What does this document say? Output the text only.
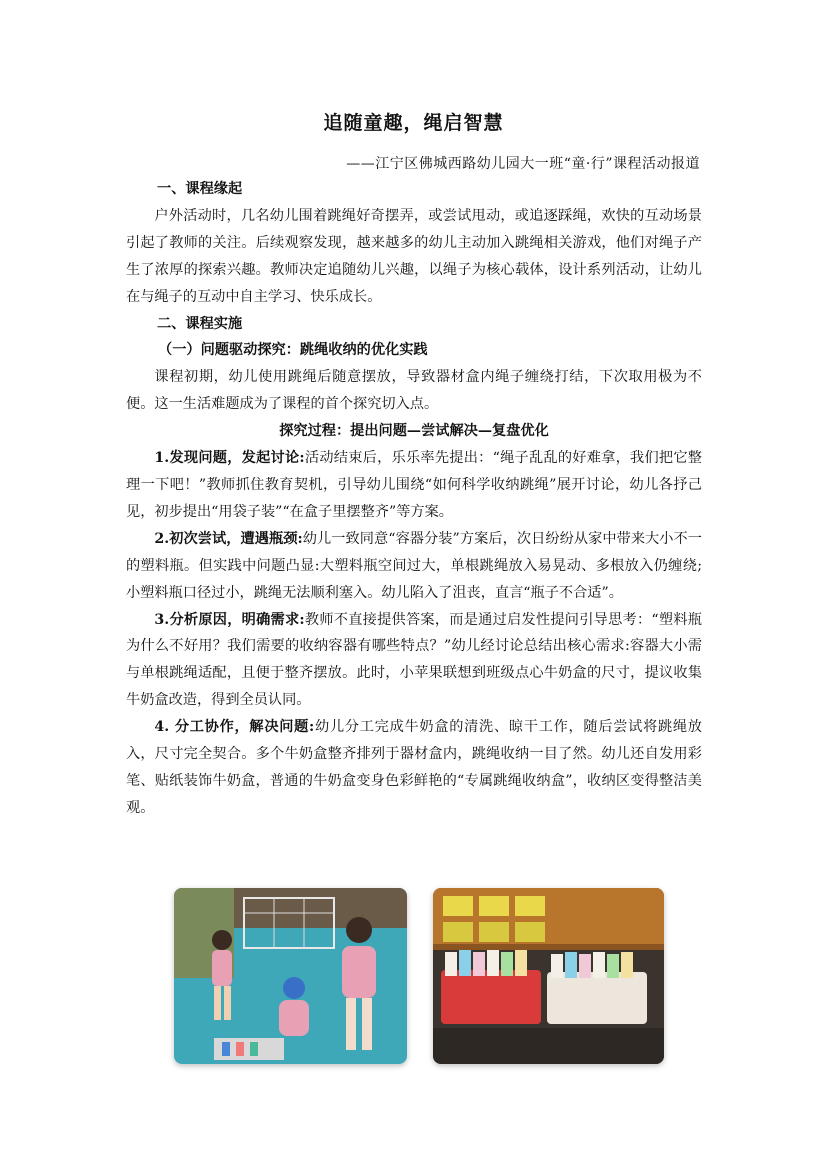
追随童趣，绳启智慧
——江宁区佛城西路幼儿园大一班“童·行”课程活动报道

一、课程缘起

户外活动时，几名幼儿围着跳绳好奇摆弄，或尝试甩动，或追逐踩绳，欢快的互动场景引起了教师的关注。后续观察发现，越来越多的幼儿主动加入跳绳相关游戏，他们对绳子产生了浓厚的探索兴趣。教师决定追随幼儿兴趣，以绳子为核心载体，设计系列活动，让幼儿在与绳子的互动中自主学习、快乐成长。

二、课程实施

（一）问题驱动探究：跳绳收纳的优化实践

课程初期，幼儿使用跳绳后随意摆放，导致器材盒内绳子缠绕打结，下次取用极为不便。这一生活难题成为了课程的首个探究切入点。

探究过程：提出问题—尝试解决—复盘优化

1.发现问题，发起讨论:活动结束后，乐乐率先提出：“绳子乱乱的好难拿，我们把它整理一下吧！”教师抓住教育契机，引导幼儿围绕“如何科学收纳跳绳”展开讨论，幼儿各抒己见，初步提出“用袋子装”“在盒子里摆整齐”等方案。

2.初次尝试，遭遇瓶颈:幼儿一致同意“容器分装”方案后，次日纷纷从家中带来大小不一的塑料瓶。但实践中问题凸显:大塑料瓶空间过大，单根跳绳放入易晃动、多根放入仍缠绕;小塑料瓶口径过小，跳绳无法顺利塞入。幼儿陷入了沮丧，直言“瓶子不合适”。

3.分析原因，明确需求:教师不直接提供答案，而是通过启发性提问引导思考：“塑料瓶为什么不好用？我们需要的收纳容器有哪些特点？”幼儿经讨论总结出核心需求:容器大小需与单根跳绳适配，且便于整齐摆放。此时，小苹果联想到班级点心牛奶盒的尺寸，提议收集牛奶盒改造，得到全员认同。

4. 分工协作，解决问题:幼儿分工完成牛奶盒的清洗、晾干工作，随后尝试将跳绳放入，尺寸完全契合。多个牛奶盒整齐排列于器材盒内，跳绳收纳一目了然。幼儿还自发用彩笔、贴纸装饰牛奶盒，普通的牛奶盒变身色彩鲜艳的“专属跳绳收纳盒”，收纳区变得整洁美观。
